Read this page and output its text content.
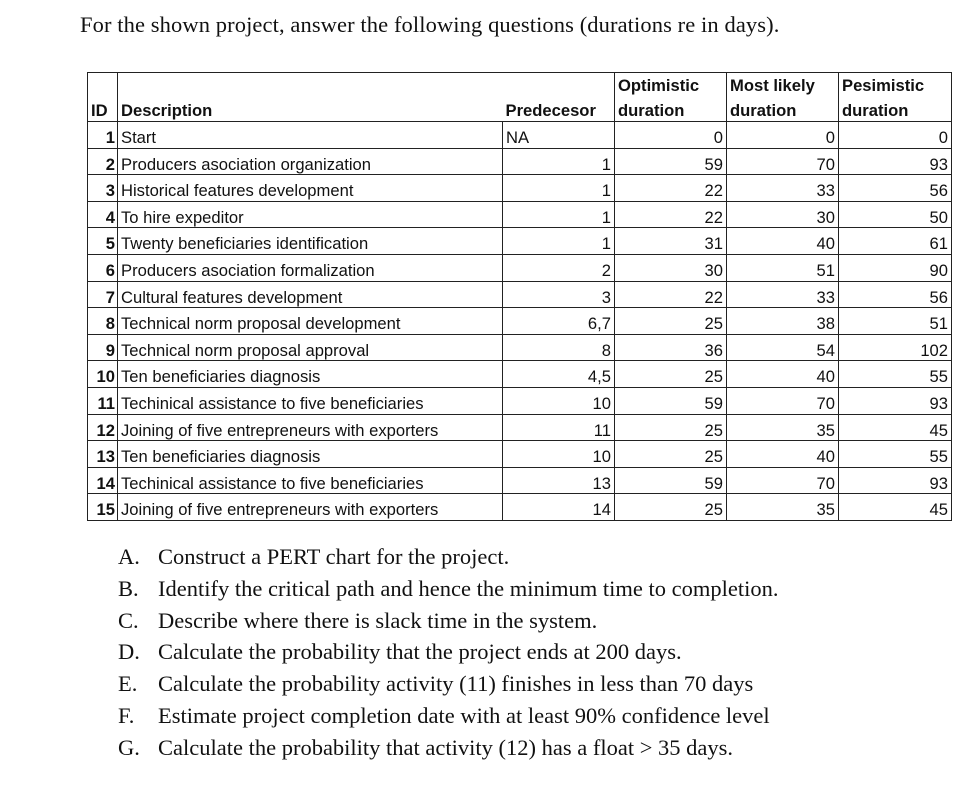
For the shown project, answer the following questions (durations re in days).
			Optimistic	Most likely	Pesimistic
ID	Description	Predecesor	duration	duration	duration
1	Start	NA	0	0	0
2	Producers asociation organization	1	59	70	93
3	Historical features development	1	22	33	56
4	To hire expeditor	1	22	30	50
5	Twenty beneficiaries identification	1	31	40	61
6	Producers asociation formalization	2	30	51	90
7	Cultural features development	3	22	33	56
8	Technical norm proposal development	6,7	25	38	51
9	Technical norm proposal approval	8	36	54	102
10	Ten beneficiaries diagnosis	4,5	25	40	55
11	Techinical assistance to five beneficiaries	10	59	70	93
12	Joining of five entrepreneurs with exporters	11	25	35	45
13	Ten beneficiaries diagnosis	10	25	40	55
14	Techinical assistance to five beneficiaries	13	59	70	93
15	Joining of five entrepreneurs with exporters	14	25	35	45
A. Construct a PERT chart for the project.
B. Identify the critical path and hence the minimum time to completion.
C. Describe where there is slack time in the system.
D. Calculate the probability that the project ends at 200 days.
E. Calculate the probability activity (11) finishes in less than 70 days
F. Estimate project completion date with at least 90% confidence level
G. Calculate the probability that activity (12) has a float > 35 days.
